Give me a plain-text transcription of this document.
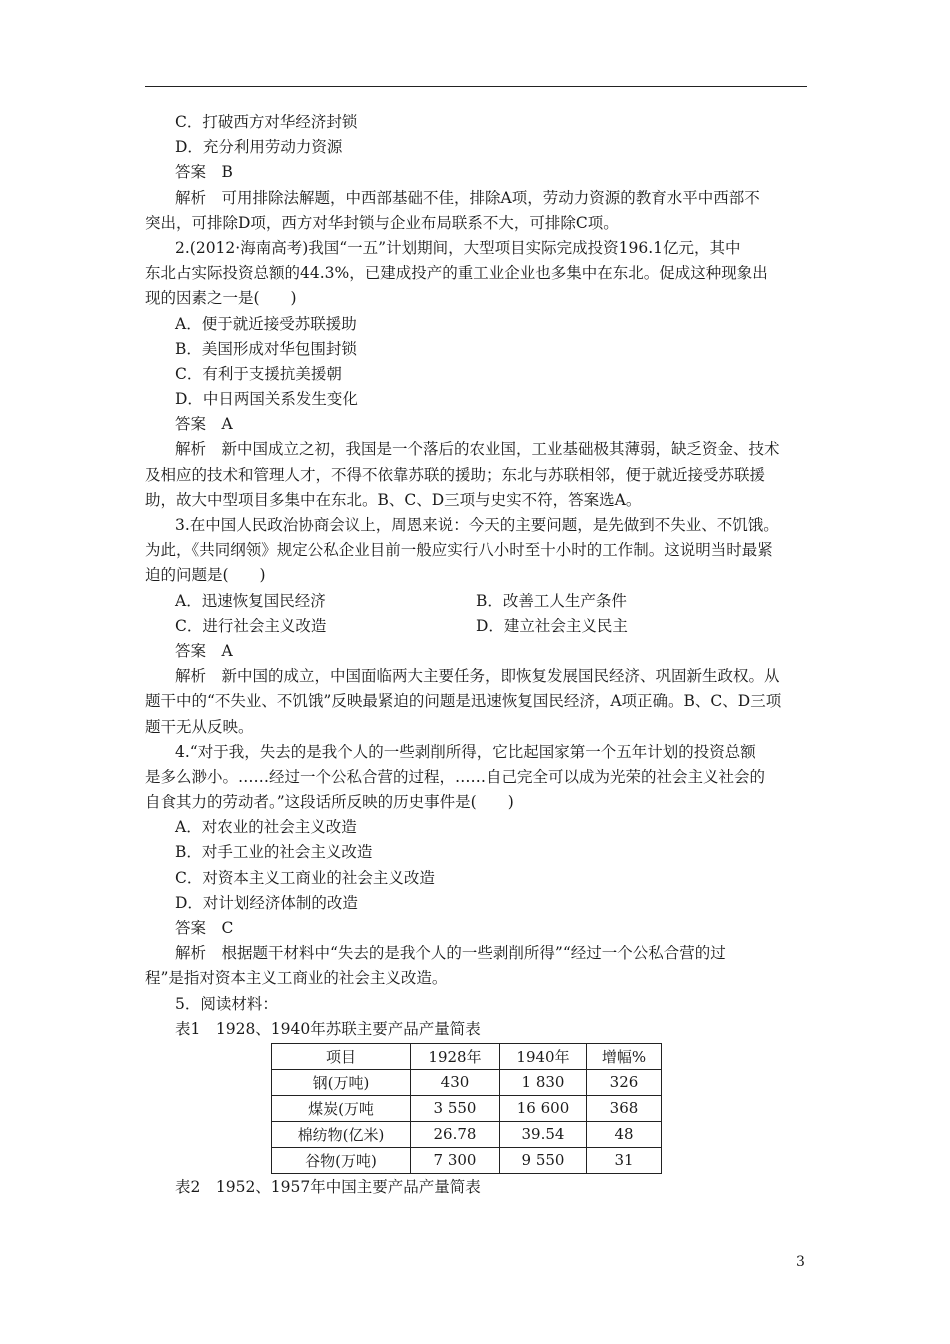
C．打破西方对华经济封锁
D．充分利用劳动力资源
答案　B
解析　可用排除法解题，中西部基础不佳，排除A项，劳动力资源的教育水平中西部不
突出，可排除D项，西方对华封锁与企业布局联系不大，可排除C项。
2.(2012·海南高考)我国“一五”计划期间，大型项目实际完成投资196.1亿元，其中
东北占实际投资总额的44.3%，已建成投产的重工业企业也多集中在东北。促成这种现象出
现的因素之一是(　　)
A．便于就近接受苏联援助
B．美国形成对华包围封锁
C．有利于支援抗美援朝
D．中日两国关系发生变化
答案　A
解析　新中国成立之初，我国是一个落后的农业国，工业基础极其薄弱，缺乏资金、技术
及相应的技术和管理人才，不得不依靠苏联的援助；东北与苏联相邻，便于就近接受苏联援
助，故大中型项目多集中在东北。B、C、D三项与史实不符，答案选A。
3.在中国人民政治协商会议上，周恩来说：今天的主要问题，是先做到不失业、不饥饿。
为此，《共同纲领》规定公私企业目前一般应实行八小时至十小时的工作制。这说明当时最紧
迫的问题是(　　)
A．迅速恢复国民经济	B．改善工人生产条件
C．进行社会主义改造	D．建立社会主义民主
答案　A
解析　新中国的成立，中国面临两大主要任务，即恢复发展国民经济、巩固新生政权。从
题干中的“不失业、不饥饿”反映最紧迫的问题是迅速恢复国民经济，A项正确。B、C、D三项
题干无从反映。
4.“对于我，失去的是我个人的一些剥削所得，它比起国家第一个五年计划的投资总额
是多么渺小。……经过一个公私合营的过程，……自己完全可以成为光荣的社会主义社会的
自食其力的劳动者。”这段话所反映的历史事件是(　　)
A．对农业的社会主义改造
B．对手工业的社会主义改造
C．对资本主义工商业的社会主义改造
D．对计划经济体制的改造
答案　C
解析　根据题干材料中“失去的是我个人的一些剥削所得”“经过一个公私合营的过
程”是指对资本主义工商业的社会主义改造。
5．阅读材料：
表1　1928、1940年苏联主要产品产量简表
项目	1928年	1940年	增幅%
钢(万吨)	430	1 830	326
煤炭(万吨	3 550	16 600	368
棉纺物(亿米)	26.78	39.54	48
谷物(万吨)	7 300	9 550	31
表2　1952、1957年中国主要产品产量简表
3
